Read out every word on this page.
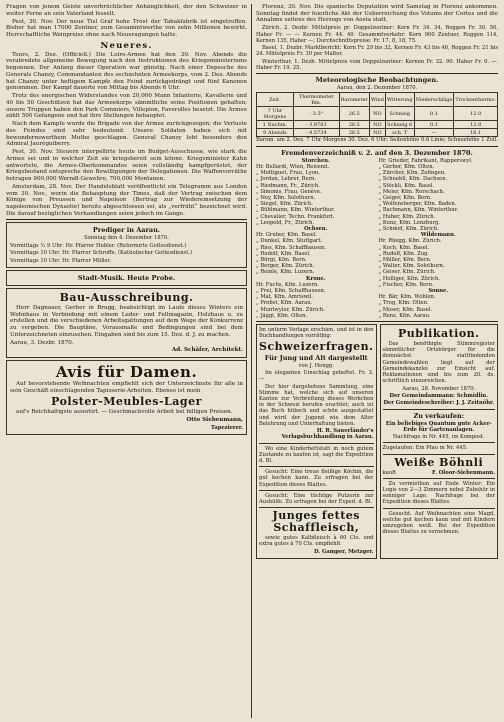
Fragen von jenem Geiste unverbrüchlicher Anhänglichkeit, der den Schweizer in weiter Ferne an sein Vaterland fesselt.

Pest, 30. Nov. Der neue Tisl Graf hohe Trost der Tabakfabrik ist eingetroffen. Bisher hat man 17000 Zentner, zum Gesammtwerthe von zehn Millionen bewirkt. Herrschaftliche Weinpreise ohne nach Neueragungen hatte.

Neueres.

Tours, 2. Dez. (Officiell.) Die Loire-Armee hat den 30. Nov. Abends die verabredete allgemeine Bewegung nach den Instruktionen des Kriegsministeriums begonnen. Der Anfang dieser Operation war günstig. Nach einer Depesche des Generals Chanzy, Commandanten des sechzehnten Armeekorps, vom 2. Dez. Abends hat Chanzy unter heftigem Kampfe den Feind zurückgedrängt und fünf Kanonen genommen. Der Kampf dauerte von Mittag bis Abends 6 Uhr.

Trotz des energischen Widerstandes von 20,000 Mann Infanterie, Kavallerie und 40 bis 50 Geschützen hat das Armeekorps sämmtliche seine Positionen gehalten; unsere Truppen haben den Park Commiers, Villepion, Faverolles besetzt. Die Armee zählt 500 Gefangene und hat ihre Stellungen behauptet.

Nach dem Kampfe wurde die Brigade von der Armee zurückgezogen; die Verluste des Feindes sind sehr bedeutend. Unsere Soldaten haben sich mit bewundernswerthem Muthe geschlagen. General Chanzy lobt besonders den Admiral Jauréguiberry.

Pest, 30. Nov. Steuern interpellirte heute im Budget-Ausschusse, wie stark die Armee sei und in welcher Zeit sie kriegsbereit sein könne. Kriegsminister Kuhn antwortete, die Armee-Oberkommandos seien vollständig kampfgerüstet, der Kriegsbestand entspreche den Bewilligungen der Delegationen. Die Waffenvorräthe betragen 900,000 Werndl-Gewehre, 700,000 Montanen.

Amsterdam, 28. Nov. Der Handelsblatt veröffentlicht ein Telegramm aus London vom 30. Nov., worin die Behauptung der Times, daß der Vertrag zwischen dem Könige von Preussen und Napoleon (Bertrag zur Wiedereinsetzung der napoleonischen Dynastie) bereits abgeschlossen sei, als „verfrüht“ bezeichnet wird. Die darauf bezüglichen Verhandlungen seien jedoch im Gange.

Prediger in Aarau.

Sonntag den 4. Dezember 1870.

Vormittags ½ 9 Uhr: Hr. Pfarrer Hubler. (Reformirte Gottesdienst.)

Vormittags 10 Uhr: Hr. Pfarrer Schroffe. (Katholischer Gottesdienst.)

Vormittags 10 Uhr: Hr. Pfarrer Müller.

Stadt-Musik. Heute Probe.
Bau-Ausschreibung.

Herr Dagnauer, Gerber in Brugg, beabsichtigt im Laufe dieses Winters ein Wohnhaus in Verbindung mit einem Leder- und Fellmagazin, Holzhaus u. zu erstellen und die verschiedenen Arbeitsgattungen auf dem Wege der Konkurrenz zu vergeben. Die Baupläne, Vorausmaße und Bedingungen sind bei dem Unterzeichneten einzusehen. Eingaben sind bis zum 15. Dez. d. J. zu machen.

Aarau, 3. Dezbr. 1870.

Ad. Schäfer, Architekt.

Avis für Damen.

Auf bevorstehende Weihnachten empfiehlt sich der Unterzeichnete für alle in sein Geschäft einschlagenden Tapisserie-Arbeiten. Ebenso ist mein

Polster-Meubles-Lager

auf's Reichhaltigste assortirt. — Geschmackvolle Arbeit bei billigen Preisen.

Otto Siebenmann,

Tapezierer.

Florenz, 30. Nov. Die spanische Deputation wird Samstag in Florenz ankommen. Sonntag findet der feierliche Akt der Ueberreichung des Votums der Cortes und die Annahme seitens des Herzogs von Aosta statt.

Zürich, 2. Dezbr. Mittelpreis pr. Doppelzentner: Korn Fr. 34. 34, Roggen Fr. 30. 50, Haber Fr. — — Kernen Fr. 44. 40. Gesammtverkehr: Korn 900 Zentner, Roggen 114, Kernen 135, Haber —; Durchschnittspreise: Fr. 17, 8, 18, 75.

Basel, 1. Dezbr. Marktbericht: Korn Fr. 29 bis 32, Kernen Fr. 43 bis 46, Roggen Fr. 21 bis 24. Mittelpreis Fr. 30 per Malter.

Winterthur, 1. Dezb. Mittelpreis vom Doppelzentner: Kernen Fr. 32. 90. Haber Fr. 0. —. Haber Fr. 19. 25.

Meteorologische Beobachtungen.

Aarau, den 2. Dezember 1870.

Zeit.	Thermometer Rm.	Barometer	Wind	Witterung	Niederschläge	Trockenthermo.
7 Uhr Morgens	- 3.5°	26.5	NO	Schneig	0.1	12.0
1 Nachm.	- 3.9783	26.5	NO	Schneig 6	0.1	12.0
9 Abends	- 4.5734	26.5	NO	sch. T	—	16.1

Barom. am 2. Dez. 7 Uhr Morgens 30. Dez. 6 Uhr; Seitenhöhe 0.6 Linie; Schneehöhe 1 Zoll.

Fremdenverzeichniß v. 2. auf den 3. Dezember 1870.
Storchen.
Hr. Bellardi, Wien, Reisend.
„ Mottiguet, Frau, Lyon.
„ Jordan, Lehrer, Bern.
„ Riedmann, Fr., Zürich.
„ Simonis, Frau, Genève.
„ Ney, Kfm. Solothurn.
„ Siegel, Kfm. Zürich.
„ Bühlmann, Kfm. Winterthur.
„ Chevalier, Techn. Frankfurt.
„ Leopold, Fr., Zürich.
Ochsen.
Hr. Gruber, Kfm. Basel.
„ Dunkel, Kfm. Stuttgart.
„ Ries, Kfm. Schaffhausen.
„ Rudolf, Kfm. Basel.
„ Bürgi, Kfm. Bern.
„ Berger, Kfm. Zürich.
„ Reinle, Kfm. Luzern.
Krone.
Hr. Fuchs, Kfm. Luzern.
„ Frei, Kfm. Schaffhausen.
„ Mat, Kfm. Amriswil.
„ Probst, Kfm. Aarau.
„ Muntwyler, Kfm. Zürich.
„ Jäggi, Kfm. Olten.
Hr. Grieder, Fabrikant, Rapperswyl.
„ Gerber, Kfm. Olten.
„ Zürcher, Kfm. Zofingen.
„ Schnebli, Kfm. Dachsen.
„ Stöckli, Kfm. Basel.
„ Meier, Kfm. Rorschach.
„ Geiger, Kfm. Bern.
„ Wolfensberger, Kfm. Baden.
„ Bachmann, Kfm. Winterthur.
„ Huber, Kfm. Zürich.
„ Kunz, Kfm. Lenzburg.
„ Schmid, Kfm. Zürich.
Wildemann.
Hr. Rüegg, Kfm. Zürich.
„ Koch, Kfm. Basel.
„ Rudolf, Kfm. Zug.
„ Müller, Kfm. Bern.
„ Walter, Kfm. Solothurn.
„ Geiser, Kfm. Zürich.
„ Holliger, Kfm. Zürich.
„ Fischer, Kfm. Bern.
Sonne.
Hr. Bär, Kfm. Wohlen.
„ Trog, Kfm. Olten.
„ Moser, Kfm. Basel.
„ Renz, Kfm. Aarau.

Im unterm Verlage erschien, und ist in den Buchhandlungen vorräthig:

Schweizerfragen.
Für Jung und Alt dargestellt

von J. Hengg.

Im eleganten Umschlag geheftet. Fr. 3. —

Der hier dargebotene Sammlung, eine Stimme hat, welche sich auf unseren Kanton zur Verbreitung dieses Werkchen in der Schweiz berufen erachtet; auch ist das Buch hübsch und schön ausgestattet und wird der Jugend wie dem Alter Belehrung und Unterhaltung bieten.

H. R. Sauerländer's Verlagsbuchhandlung in Aarau.

Wo eine Kinderbettstatt in noch gutem Zustande zu kaufen ist, sagt die Expedition d. Bl.

Gesucht: Eine treue fleißige Köchin, die gut kochen kann. Zu erfragen bei der Expedition dieses Blattes.

Gesucht: Eine tüchtige Putzerin zur Aushülfe. Zu erfragen bei der Exped. d. Bl.

Junges fettes Schaffleisch,

sowie gutes Kalbfleisch à 60 Cts. und extra gutes à 70 Cts. empfiehlt

D. Gamper, Metzger.

Publikation.

Das benöthigte Stimmregister sämmtlicher Ortsbürger für die demnächst stattfindenden Gemeindewahlen liegt auf der Gemeindekanzlei zur Einsicht auf. Reklamationen sind bis zum 20. ds. schriftlich einzureichen.

Aarau, 28. November 1870.

Der Gemeindammann: Schmidlin.

Der Gemeindeschreiber: J. J. Zeitnöhr.

Zu verkaufen:

Ein beliebiges Quantum gute Acker-Erde für Gartenanlagen.

Nachfrage in Nr. 445, im Kompost.

Zugelaufen: Ein Pfau in Nr. 445.

Weiße Böhnli
kauft	F. Oloor-Siebenmann.

Zu vermiethen auf Ende Winter: Ein Logis von 2—3 Zimmern nebst Zubehör in sonniger Lage. Nachfrage bei der Expedition dieses Blattes.

Gesucht. Auf Weihnachten eine Magd, welche gut kochen kann und mit Kindern umzugehen weiß. Bei der Expedition dieses Blattes zu vernehmen.
